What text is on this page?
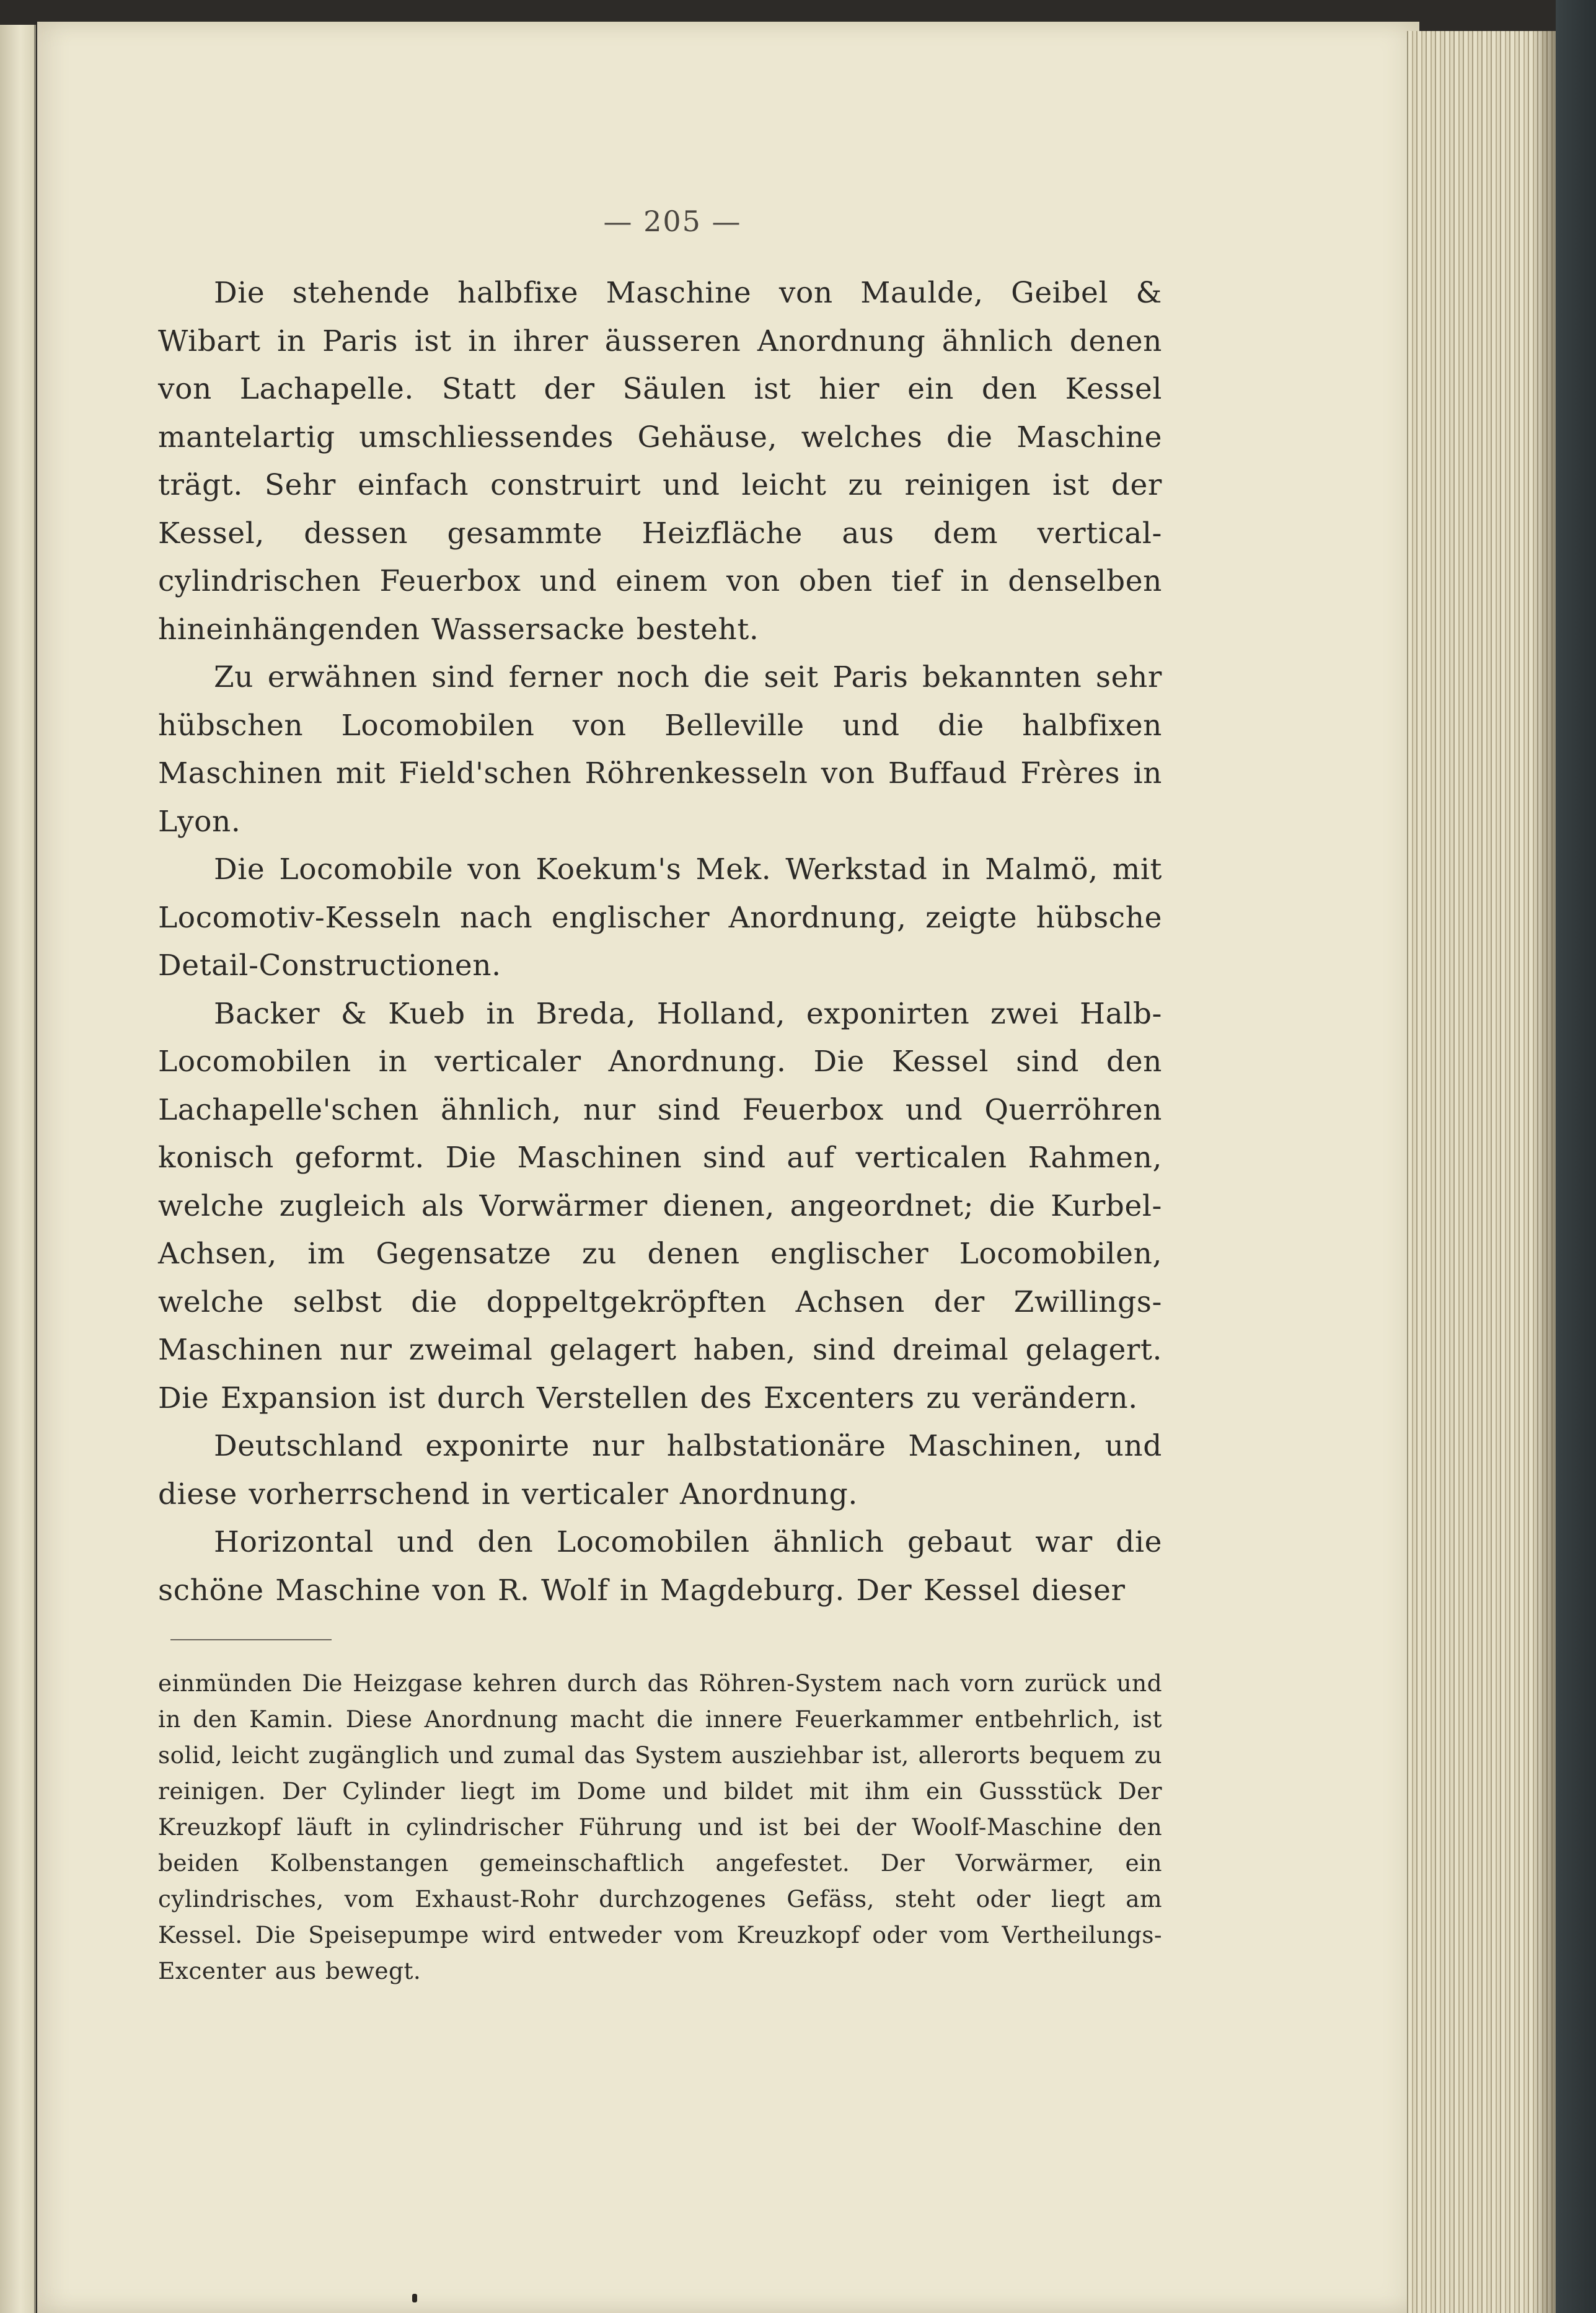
— 205 —

Die stehende halbfixe Maschine von Maulde, Geibel & Wibart in Paris ist in ihrer äusseren Anordnung ähnlich denen von Lachapelle. Statt der Säulen ist hier ein den Kessel mantelartig umschliessendes Gehäuse, welches die Maschine trägt. Sehr einfach construirt und leicht zu reinigen ist der Kessel, dessen gesammte Heizfläche aus dem vertical-cylindrischen Feuerbox und einem von oben tief in denselben hineinhängenden Wassersacke besteht.

Zu erwähnen sind ferner noch die seit Paris bekannten sehr hübschen Locomobilen von Belleville und die halbfixen Maschinen mit Field'schen Röhrenkesseln von Buffaud Frères in Lyon.

Die Locomobile von Koekum's Mek. Werkstad in Malmö, mit Locomotiv-Kesseln nach englischer Anordnung, zeigte hübsche Detail-Constructionen.

Backer & Kueb in Breda, Holland, exponirten zwei Halb-Locomobilen in verticaler Anordnung. Die Kessel sind den Lachapelle'schen ähnlich, nur sind Feuerbox und Querröhren konisch geformt. Die Maschinen sind auf verticalen Rahmen, welche zugleich als Vorwärmer dienen, angeordnet; die Kurbel-Achsen, im Gegensatze zu denen englischer Locomobilen, welche selbst die doppeltgekröpften Achsen der Zwillings-Maschinen nur zweimal gelagert haben, sind dreimal gelagert. Die Expansion ist durch Verstellen des Excenters zu verändern.

Deutschland exponirte nur halbstationäre Maschinen, und diese vorherrschend in verticaler Anordnung.

Horizontal und den Locomobilen ähnlich gebaut war die schöne Maschine von R. Wolf in Magdeburg. Der Kessel dieser

einmünden Die Heizgase kehren durch das Röhren-System nach vorn zurück und in den Kamin. Diese Anordnung macht die innere Feuerkammer entbehrlich, ist solid, leicht zugänglich und zumal das System ausziehbar ist, allerorts bequem zu reinigen. Der Cylinder liegt im Dome und bildet mit ihm ein Gussstück Der Kreuzkopf läuft in cylindrischer Führung und ist bei der Woolf-Maschine den beiden Kolbenstangen gemeinschaftlich angefestet. Der Vorwärmer, ein cylindrisches, vom Exhaust-Rohr durchzogenes Gefäss, steht oder liegt am Kessel. Die Speisepumpe wird entweder vom Kreuzkopf oder vom Vertheilungs-Excenter aus bewegt.
